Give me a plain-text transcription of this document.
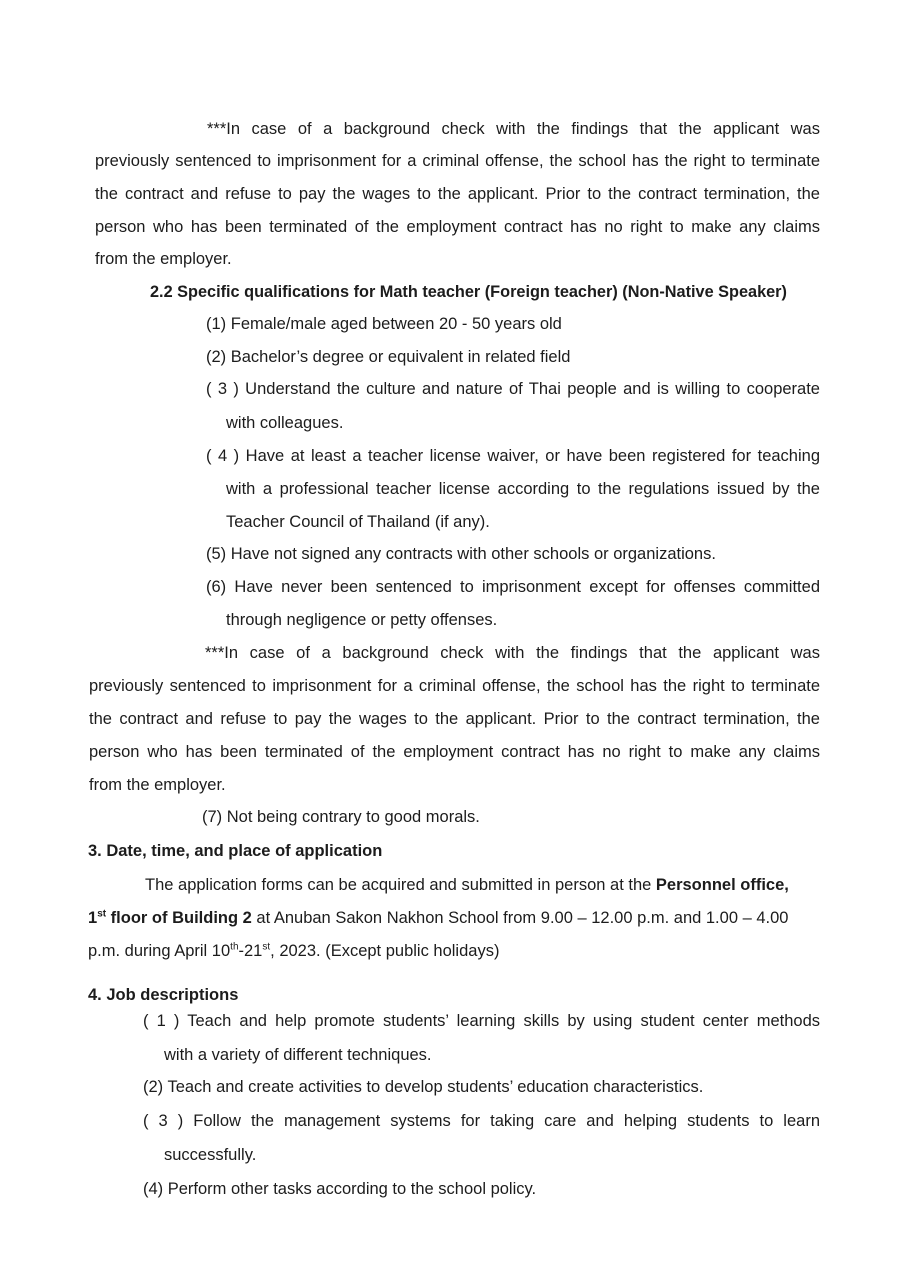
***In case of a background check with the findings that the applicant was
previously sentenced to imprisonment for a criminal offense, the school has the right to terminate
the contract and refuse to pay the wages to the applicant. Prior to the contract termination, the
person who has been terminated of the employment contract has no right to make any claims
from the employer.
2.2 Specific qualifications for Math teacher (Foreign teacher) (Non-Native Speaker)
(1) Female/male aged between 20 - 50 years old
(2) Bachelor’s degree or equivalent in related field
( 3 ) Understand the culture and nature of Thai people and is willing to cooperate
with colleagues.
( 4 ) Have at least a teacher license waiver, or have been registered for teaching
with a professional teacher license according to the regulations issued by the
Teacher Council of Thailand (if any).
(5) Have not signed any contracts with other schools or organizations.
(6) Have never been sentenced to imprisonment except for offenses committed
through negligence or petty offenses.
***In case of a background check with the findings that the applicant was
previously sentenced to imprisonment for a criminal offense, the school has the right to terminate
the contract and refuse to pay the wages to the applicant. Prior to the contract termination, the
person who has been terminated of the employment contract has no right to make any claims
from the employer.
(7) Not being contrary to good morals.
3. Date, time, and place of application
The application forms can be acquired and submitted in person at the Personnel office,
1st floor of Building 2 at Anuban Sakon Nakhon School from 9.00 – 12.00 p.m. and 1.00 – 4.00
p.m. during April 10th-21st, 2023. (Except public holidays)
4. Job descriptions
( 1 ) Teach and help promote students’ learning skills by using student center methods
with a variety of different techniques.
(2) Teach and create activities to develop students’ education characteristics.
( 3 ) Follow the management systems for taking care and helping students to learn
successfully.
(4) Perform other tasks according to the school policy.
